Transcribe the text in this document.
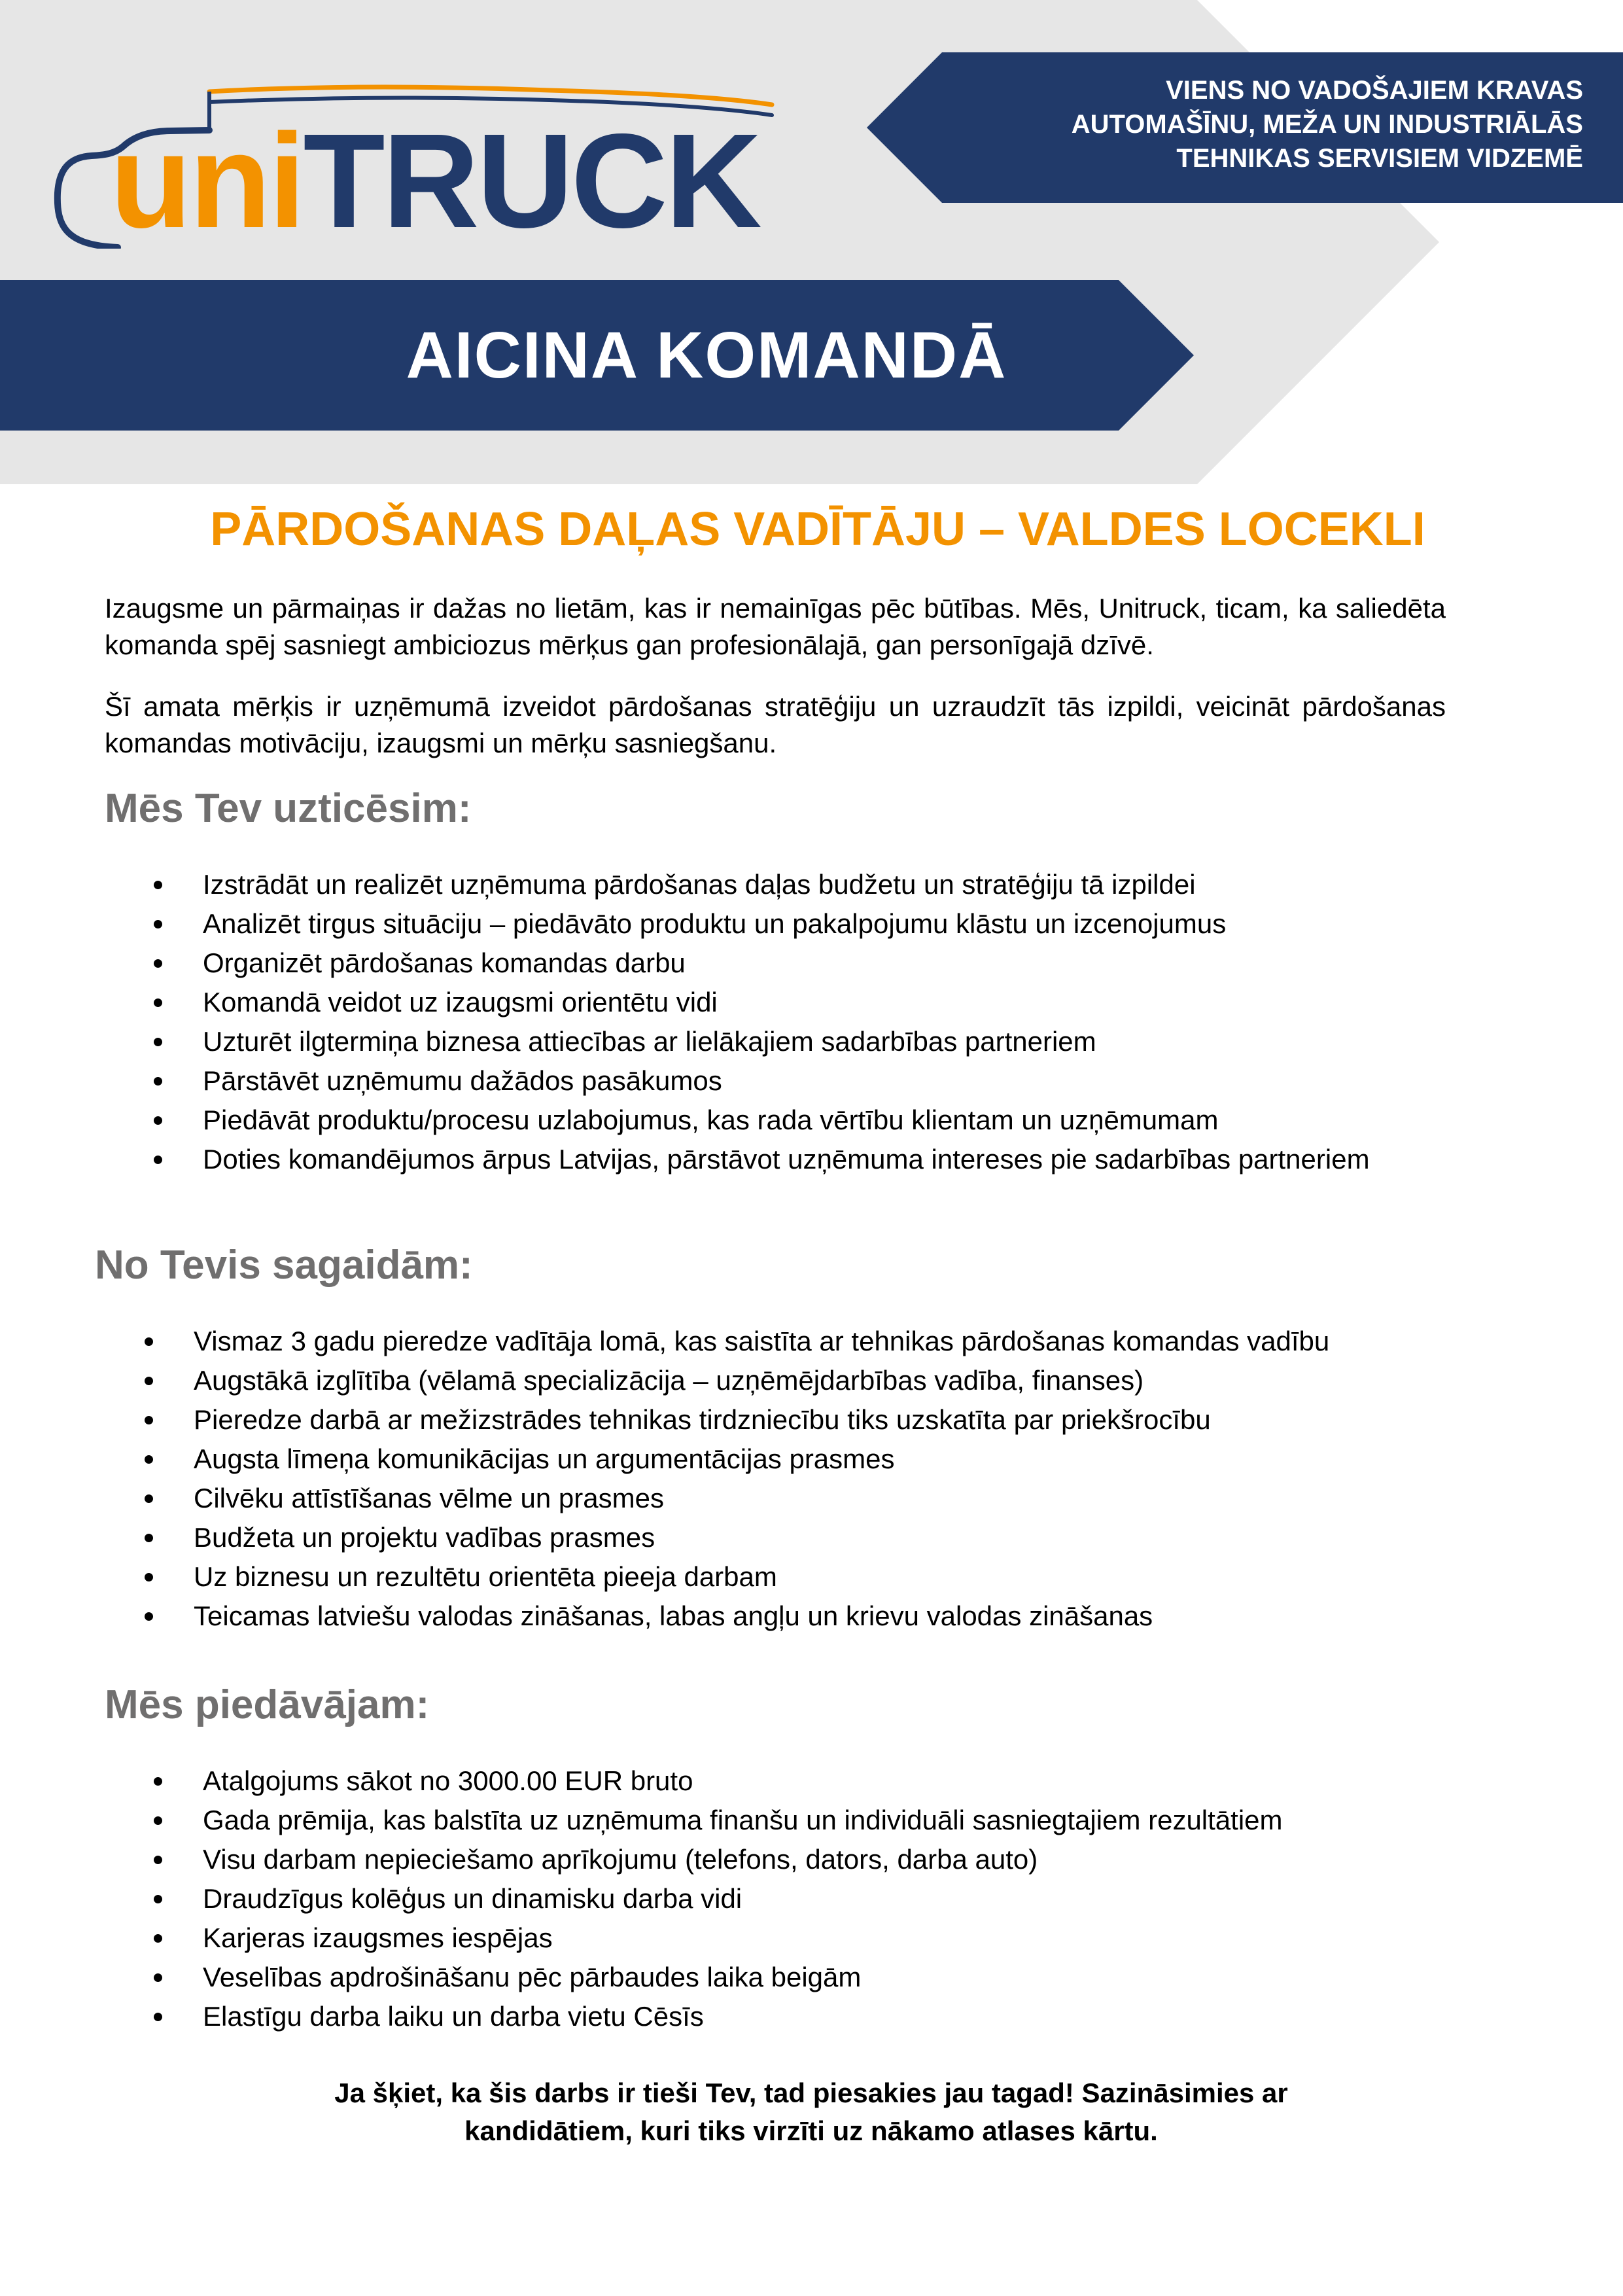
uniTRUCK
VIENS NO VADOŠAJIEM KRAVAS
AUTOMAŠĪNU, MEŽA UN INDUSTRIĀLĀS
TEHNIKAS SERVISIEM VIDZEMĒ
AICINA KOMANDĀ
PĀRDOŠANAS DAĻAS VADĪTĀJU – VALDES LOCEKLI
Izaugsme un pārmaiņas ir dažas no lietām, kas ir nemainīgas pēc būtības. Mēs, Unitruck, ticam, ka saliedēta komanda spēj sasniegt ambiciozus mērķus gan profesionālajā, gan personīgajā dzīvē.
Šī amata mērķis ir uzņēmumā izveidot pārdošanas stratēģiju un uzraudzīt tās izpildi, veicināt pārdošanas komandas motivāciju, izaugsmi un mērķu sasniegšanu.
Mēs Tev uzticēsim:
Izstrādāt un realizēt uzņēmuma pārdošanas daļas budžetu un stratēģiju tā izpildei
Analizēt tirgus situāciju – piedāvāto produktu un pakalpojumu klāstu un izcenojumus
Organizēt pārdošanas komandas darbu
Komandā veidot uz izaugsmi orientētu vidi
Uzturēt ilgtermiņa biznesa attiecības ar lielākajiem sadarbības partneriem
Pārstāvēt uzņēmumu dažādos pasākumos
Piedāvāt produktu/procesu uzlabojumus, kas rada vērtību klientam un uzņēmumam
Doties komandējumos ārpus Latvijas, pārstāvot uzņēmuma intereses pie sadarbības partneriem
No Tevis sagaidām:
Vismaz 3 gadu pieredze vadītāja lomā, kas saistīta ar tehnikas pārdošanas komandas vadību
Augstākā izglītība (vēlamā specializācija – uzņēmējdarbības vadība, finanses)
Pieredze darbā ar mežizstrādes tehnikas tirdzniecību tiks uzskatīta par priekšrocību
Augsta līmeņa komunikācijas un argumentācijas prasmes
Cilvēku attīstīšanas vēlme un prasmes
Budžeta un projektu vadības prasmes
Uz biznesu un rezultētu orientēta pieeja darbam
Teicamas latviešu valodas zināšanas, labas angļu un krievu valodas zināšanas
Mēs piedāvājam:
Atalgojums sākot no 3000.00 EUR bruto
Gada prēmija, kas balstīta uz uzņēmuma finanšu un individuāli sasniegtajiem rezultātiem
Visu darbam nepieciešamo aprīkojumu (telefons, dators, darba auto)
Draudzīgus kolēģus un dinamisku darba vidi
Karjeras izaugsmes iespējas
Veselības apdrošināšanu pēc pārbaudes laika beigām
Elastīgu darba laiku un darba vietu Cēsīs
Ja šķiet, ka šis darbs ir tieši Tev, tad piesakies jau tagad! Sazināsimies ar
kandidātiem, kuri tiks virzīti uz nākamo atlases kārtu.
